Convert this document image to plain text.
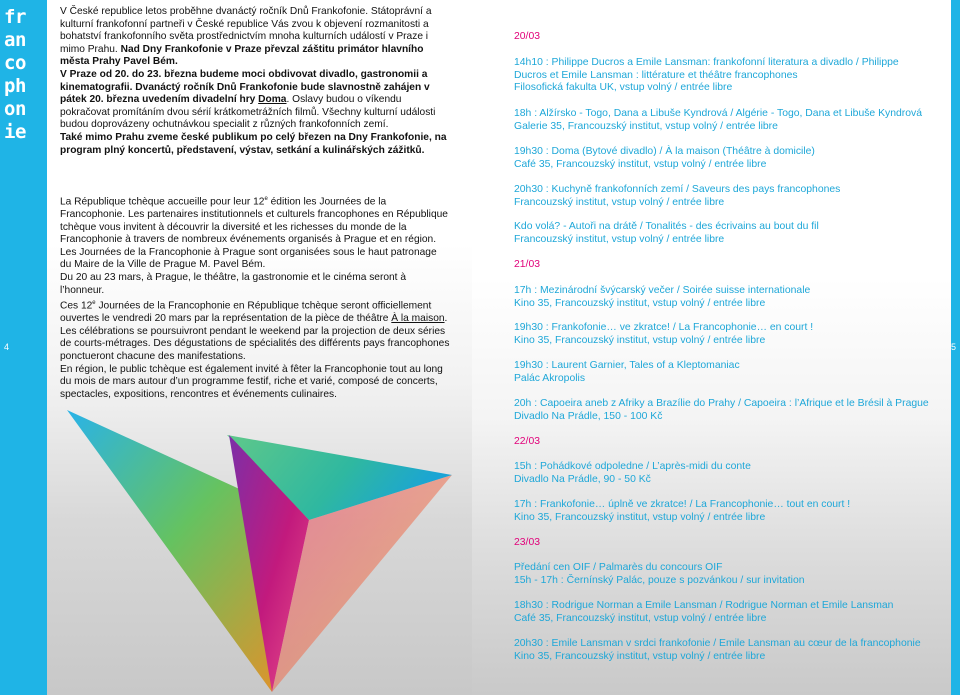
fr
an
co
ph
on
ie
4	5

V České republice letos proběhne dvanáctý ročník Dnů Frankofonie. Státoprávní a kulturní frankofonní partneři v České republice Vás zvou k objevení rozmanitosti a bohatství frankofonního světa prostřednictvím mnoha kulturních událostí v Praze i mimo Prahu. Nad Dny Frankofonie v Praze převzal záštitu primátor hlavního města Prahy Pavel Bém.

V Praze od 20. do 23. března budeme moci obdivovat divadlo, gastronomii a kinematografii. Dvanáctý ročník Dnů Frankofonie bude slavnostně zahájen v pátek 20. března uvedením divadelní hry Doma. Oslavy budou o víkendu pokračovat promítáním dvou sérií krátkometrážních filmů. Všechny kulturní události budou doprovázeny ochutnávkou specialit z různých frankofonních zemí.

Také mimo Prahu zveme české publikum po celý březen na Dny Frankofonie, na program plný koncertů, představení, výstav, setkání a kulinářských zážitků.

La République tchèque accueille pour leur 12e édition les Journées de la Francophonie. Les partenaires institutionnels et culturels francophones en République tchèque vous invitent à découvrir la diversité et les richesses du monde de la Francophonie à travers de nombreux événements organisés à Prague et en région. Les Journées de la Francophonie à Prague sont organisées sous le haut patronage du Maire de la Ville de Prague M. Pavel Bém.

Du 20 au 23 mars, à Prague, le théâtre, la gastronomie et le cinéma seront à l’honneur.

Ces 12e Journées de la Francophonie en République tchèque seront officiellement ouvertes le vendredi 20 mars par la représentation de la pièce de théâtre À la maison. Les célébrations se poursuivront pendant le weekend par la projection de deux séries de courts-métrages. Des dégustations de spécialités des différents pays francophones ponctueront chacune des manifestations.

En région, le public tchèque est également invité à fêter la Francophonie tout au long du mois de mars autour d’un programme festif, riche et varié, composé de concerts, spectacles, expositions, rencontres et événements culinaires.

20/03
14h10 : Philippe Ducros a Emile Lansman: frankofonní literatura a divadlo / Philippe
Ducros et Emile Lansman : littérature et théâtre francophones
Filosofická fakulta UK, vstup volný / entrée libre
18h : Alžírsko - Togo, Dana a Libuše Kyndrová / Algérie - Togo, Dana et Libuše Kyndrová
Galerie 35, Francouzský institut, vstup volný / entrée libre
19h30 : Doma (Bytové divadlo) / À la maison (Théâtre à domicile)
Café 35, Francouzský institut, vstup volný / entrée libre
20h30 : Kuchyně frankofonních zemí / Saveurs des pays francophones
Francouzský institut, vstup volný / entrée libre
Kdo volá? - Autoři na drátě / Tonalités - des écrivains au bout du fil
Francouzský institut, vstup volný / entrée libre
21/03
17h : Mezinárodní švýcarský večer / Soirée suisse internationale
Kino 35, Francouzský institut, vstup volný / entrée libre
19h30 : Frankofonie… ve zkratce! / La Francophonie… en court !
Kino 35, Francouzský institut, vstup volný / entrée libre
19h30 : Laurent Garnier, Tales of a Kleptomaniac
Palác Akropolis
20h : Capoeira aneb z Afriky a Brazílie do Prahy / Capoeira : l’Afrique et le Brésil à Prague
Divadlo Na Prádle, 150 - 100 Kč
22/03
15h : Pohádkové odpoledne / L’après-midi du conte
Divadlo Na Prádle, 90 - 50 Kč
17h : Frankofonie… úplně ve zkratce! / La Francophonie… tout en court !
Kino 35, Francouzský institut, vstup volný / entrée libre
23/03
Předání cen OIF / Palmarès du concours OIF
15h - 17h : Černínský Palác, pouze s pozvánkou / sur invitation
18h30 : Rodrigue Norman a Emile Lansman / Rodrigue Norman et Emile Lansman
Café 35, Francouzský institut, vstup volný / entrée libre
20h30 : Emile Lansman v srdci frankofonie / Emile Lansman au cœur de la francophonie
Kino 35, Francouzský institut, vstup volný / entrée libre
